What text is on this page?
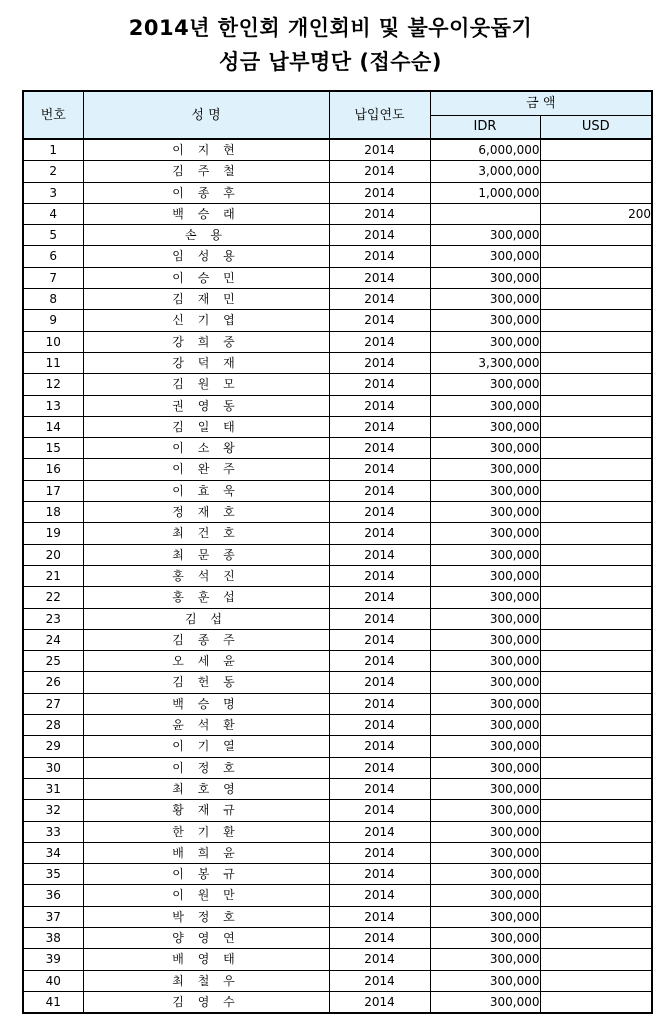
2014년 한인회 개인회비 및 불우이웃돕기
성금 납부명단 (접수순)
번호	성 명	납입연도	금 액	
			IDR	USD
1	이 지 현	2014	6,000,000	
2	김 주 철	2014	3,000,000	
3	이 종 후	2014	1,000,000	
4	백 승 래	2014		200
5	손 용	2014	300,000	
6	임 성 용	2014	300,000	
7	이 승 민	2014	300,000	
8	김 재 민	2014	300,000	
9	신 기 엽	2014	300,000	
10	강 희 중	2014	300,000	
11	강 덕 재	2014	3,300,000	
12	김 원 모	2014	300,000	
13	권 영 동	2014	300,000	
14	김 일 태	2014	300,000	
15	이 소 왕	2014	300,000	
16	이 완 주	2014	300,000	
17	이 효 욱	2014	300,000	
18	정 재 호	2014	300,000	
19	최 건 호	2014	300,000	
20	최 문 종	2014	300,000	
21	홍 석 진	2014	300,000	
22	홍 훈 섭	2014	300,000	
23	김 섭	2014	300,000	
24	김 종 주	2014	300,000	
25	오 세 윤	2014	300,000	
26	김 헌 동	2014	300,000	
27	백 승 명	2014	300,000	
28	윤 석 환	2014	300,000	
29	이 기 열	2014	300,000	
30	이 정 호	2014	300,000	
31	최 호 영	2014	300,000	
32	황 재 규	2014	300,000	
33	한 기 환	2014	300,000	
34	배 희 윤	2014	300,000	
35	이 봉 규	2014	300,000	
36	이 원 만	2014	300,000	
37	박 정 호	2014	300,000	
38	양 영 연	2014	300,000	
39	배 영 태	2014	300,000	
40	최 철 우	2014	300,000	
41	김 영 수	2014	300,000	
